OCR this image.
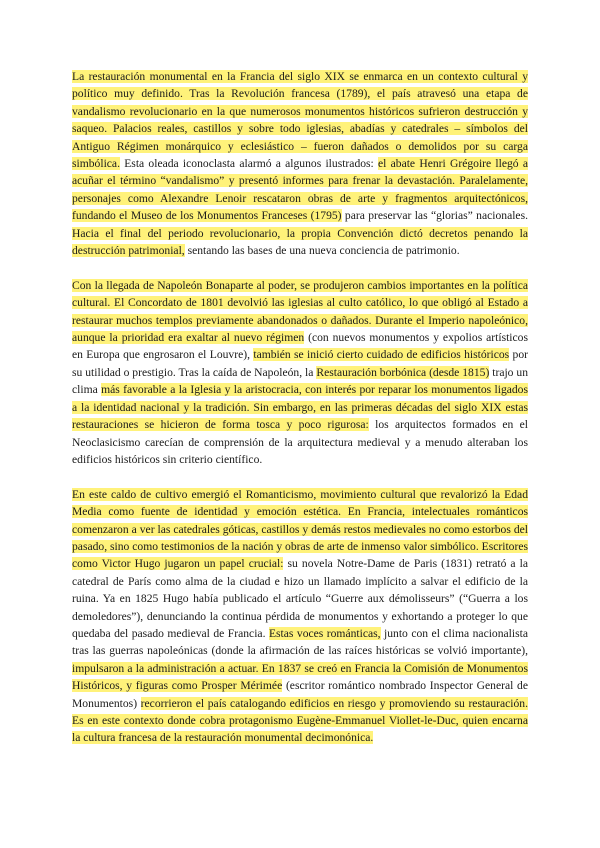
La restauración monumental en la Francia del siglo XIX se enmarca en un contexto cultural y político muy definido. Tras la Revolución francesa (1789), el país atravesó una etapa de vandalismo revolucionario en la que numerosos monumentos históricos sufrieron destrucción y saqueo. Palacios reales, castillos y sobre todo iglesias, abadías y catedrales – símbolos del Antiguo Régimen monárquico y eclesiástico – fueron dañados o demolidos por su carga simbólica. Esta oleada iconoclasta alarmó a algunos ilustrados: el abate Henri Grégoire llegó a acuñar el término “vandalismo” y presentó informes para frenar la devastación. Paralelamente, personajes como Alexandre Lenoir rescataron obras de arte y fragmentos arquitectónicos, fundando el Museo de los Monumentos Franceses (1795) para preservar las “glorias” nacionales. Hacia el final del periodo revolucionario, la propia Convención dictó decretos penando la destrucción patrimonial, sentando las bases de una nueva conciencia de patrimonio.

Con la llegada de Napoleón Bonaparte al poder, se produjeron cambios importantes en la política cultural. El Concordato de 1801 devolvió las iglesias al culto católico, lo que obligó al Estado a restaurar muchos templos previamente abandonados o dañados. Durante el Imperio napoleónico, aunque la prioridad era exaltar al nuevo régimen (con nuevos monumentos y expolios artísticos en Europa que engrosaron el Louvre), también se inició cierto cuidado de edificios históricos por su utilidad o prestigio. Tras la caída de Napoleón, la Restauración borbónica (desde 1815) trajo un clima más favorable a la Iglesia y la aristocracia, con interés por reparar los monumentos ligados a la identidad nacional y la tradición. Sin embargo, en las primeras décadas del siglo XIX estas restauraciones se hicieron de forma tosca y poco rigurosa: los arquitectos formados en el Neoclasicismo carecían de comprensión de la arquitectura medieval y a menudo alteraban los edificios históricos sin criterio científico.

En este caldo de cultivo emergió el Romanticismo, movimiento cultural que revalorizó la Edad Media como fuente de identidad y emoción estética. En Francia, intelectuales románticos comenzaron a ver las catedrales góticas, castillos y demás restos medievales no como estorbos del pasado, sino como testimonios de la nación y obras de arte de inmenso valor simbólico. Escritores como Victor Hugo jugaron un papel crucial: su novela Notre-Dame de Paris (1831) retrató a la catedral de París como alma de la ciudad e hizo un llamado implícito a salvar el edificio de la ruina. Ya en 1825 Hugo había publicado el artículo “Guerre aux démolisseurs” (“Guerra a los demoledores”), denunciando la continua pérdida de monumentos y exhortando a proteger lo que quedaba del pasado medieval de Francia. Estas voces románticas, junto con el clima nacionalista tras las guerras napoleónicas (donde la afirmación de las raíces históricas se volvió importante), impulsaron a la administración a actuar. En 1837 se creó en Francia la Comisión de Monumentos Históricos, y figuras como Prosper Mérimée (escritor romántico nombrado Inspector General de Monumentos) recorrieron el país catalogando edificios en riesgo y promoviendo su restauración. Es en este contexto donde cobra protagonismo Eugène-Emmanuel Viollet-le-Duc, quien encarna la cultura francesa de la restauración monumental decimonónica.
